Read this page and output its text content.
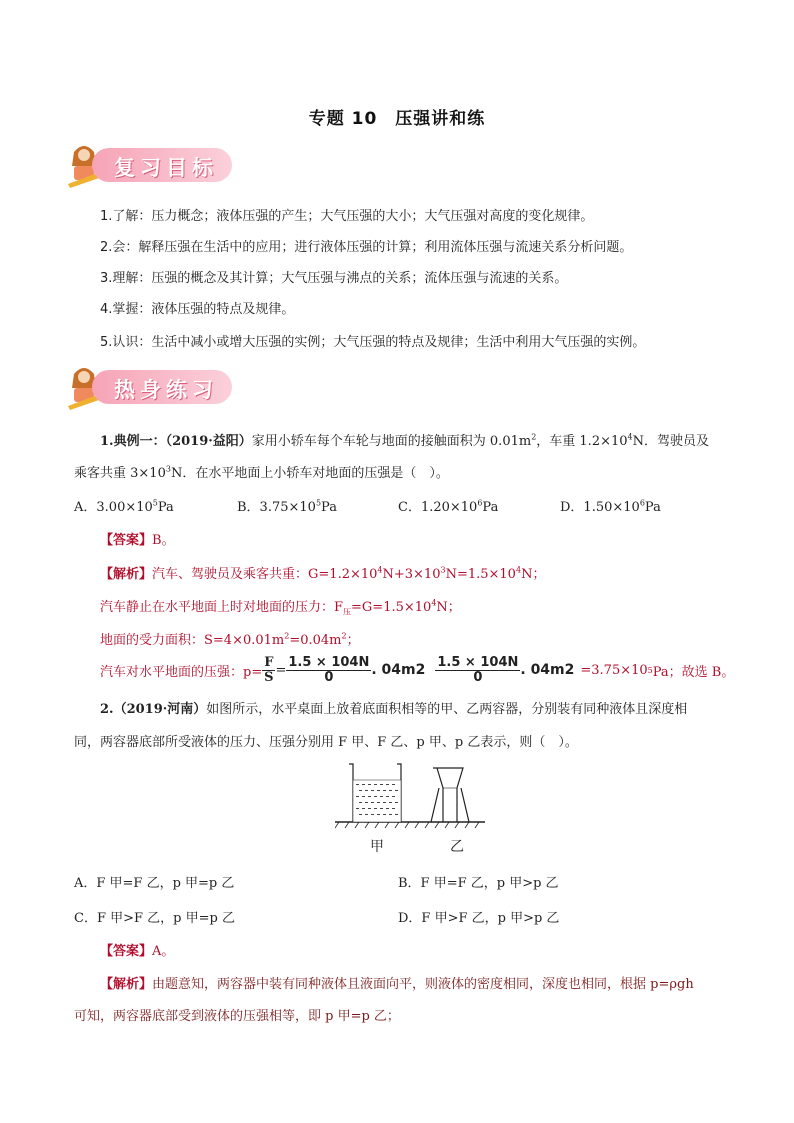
专题 10　压强讲和练
复习目标
1.了解：压力概念；液体压强的产生；大气压强的大小；大气压强对高度的变化规律。
2.会：解释压强在生活中的应用；进行液体压强的计算；利用流体压强与流速关系分析问题。
3.理解：压强的概念及其计算；大气压强与沸点的关系；流体压强与流速的关系。
4.掌握：液体压强的特点及规律。
5.认识：生活中减小或增大压强的实例；大气压强的特点及规律；生活中利用大气压强的实例。
热身练习
1.典例一：（2019·益阳）家用小轿车每个车轮与地面的接触面积为 $0.01m^2$，车重 $1.2\times 10^4N$．驾驶员及
乘客共重 $3\times 10^3N$．在水平地面上小轿车对地面的压强是（　）。
A．$3.00\times 10^5Pa$	B．$3.75\times 10^5Pa$	C．$1.20\times 10^6Pa$	D．$1.50\times 10^6Pa$
【答案】B。
【解析】汽车、驾驶员及乘客共重：$G=1.2\times 10^4N+3\times 10^3N=1.5\times 10^4N$；
汽车静止在水平地面上时对地面的压力：$F_压=G=1.5\times 10^4N$；
地面的受力面积：$S=4\times 0.01m^2=0.04m^2$；
汽车对水平地面的压强：$p= \frac{F}{S} = \frac{1.5 \times 104N}{0}$ . $04m2 \frac{1.5 \times 104N}{0}$ . 04m2 =3.75×10 5 Pa；故选 B。
2.（2019·河南）如图所示，水平桌面上放着底面积相等的甲、乙两容器，分别装有同种液体且深度相
同，两容器底部所受液体的压力、压强分别用 F 甲、F 乙、p 甲、p 乙表示，则（　）。
甲	乙
A．F 甲=F 乙，p 甲=p 乙	B．F 甲=F 乙，p 甲>p 乙
C．F 甲>F 乙，p 甲=p 乙	D．F 甲>F 乙，p 甲>p 乙
【答案】A。
【解析】由题意知，两容器中装有同种液体且液面向平，则液体的密度相同，深度也相同，根据 p=ρgh
可知，两容器底部受到液体的压强相等，即 p 甲=p 乙；
